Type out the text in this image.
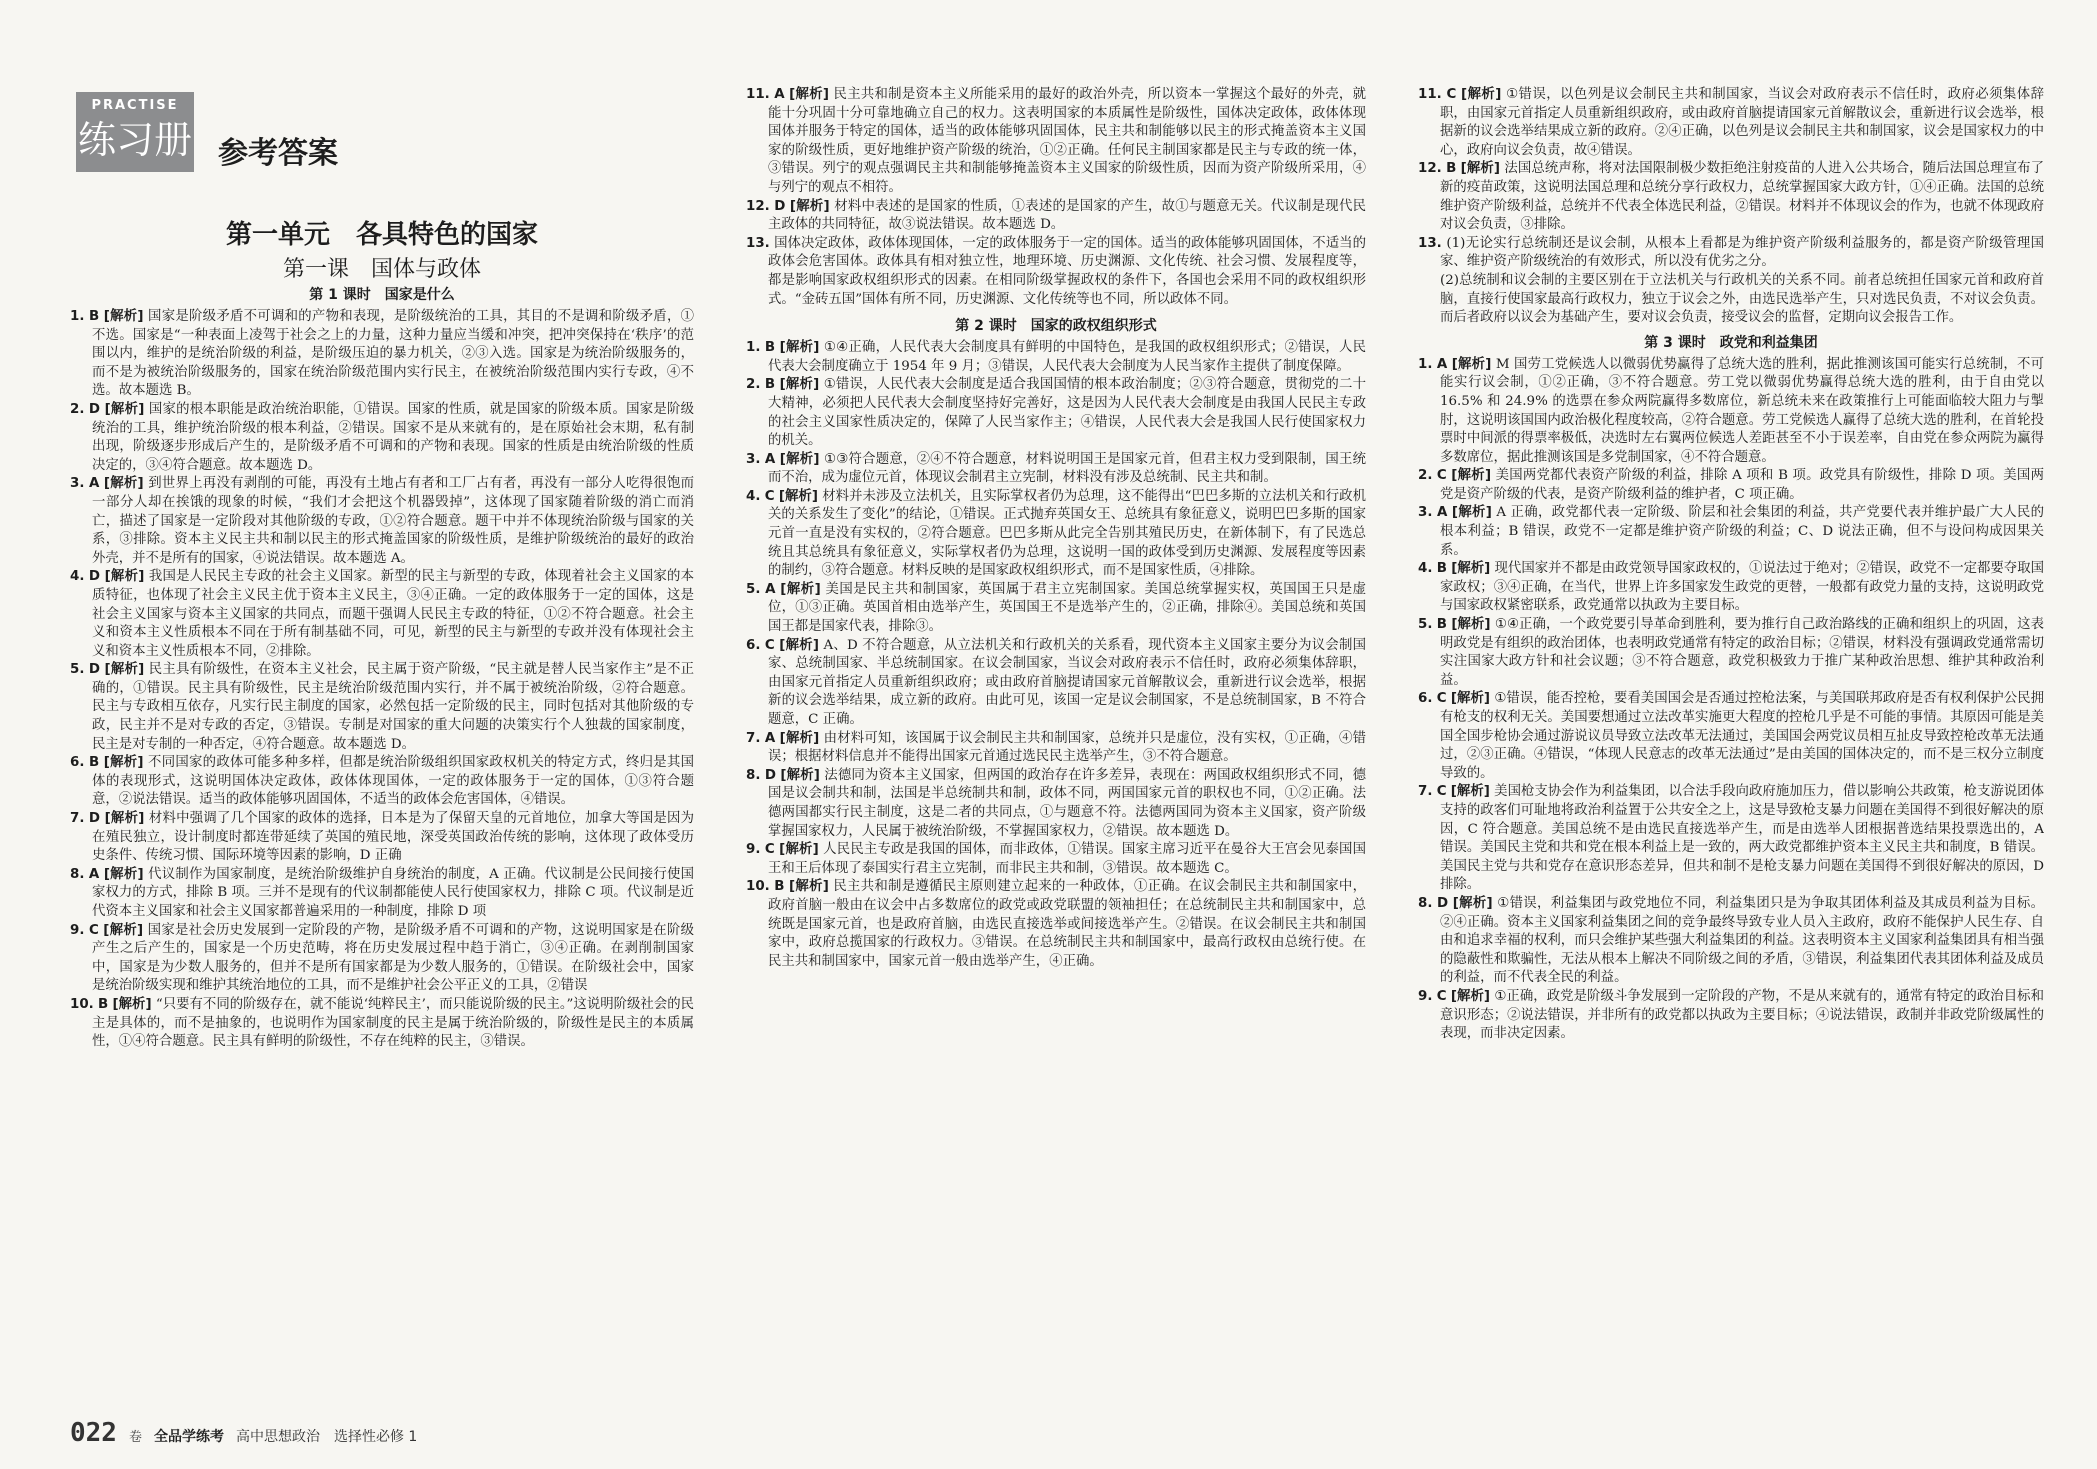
PRACTISE
练习册 参考答案
第一单元　各具特色的国家
第一课　国体与政体
第 1 课时　国家是什么

1. B [解析] 国家是阶级矛盾不可调和的产物和表现，是阶级统治的工具，其目的不是调和阶级矛盾，①不选。国家是“一种表面上凌驾于社会之上的力量，这种力量应当缓和冲突，把冲突保持在‘秩序’的范围以内，维护的是统治阶级的利益，是阶级压迫的暴力机关，②③入选。国家是为统治阶级服务的，而不是为被统治阶级服务的，国家在统治阶级范围内实行民主，在被统治阶级范围内实行专政，④不选。故本题选 B。

2. D [解析] 国家的根本职能是政治统治职能，①错误。国家的性质，就是国家的阶级本质。国家是阶级统治的工具，维护统治阶级的根本利益，②错误。国家不是从来就有的，是在原始社会末期，私有制出现，阶级逐步形成后产生的，是阶级矛盾不可调和的产物和表现。国家的性质是由统治阶级的性质决定的，③④符合题意。故本题选 D。

3. A [解析] 到世界上再没有剥削的可能，再没有土地占有者和工厂占有者，再没有一部分人吃得很饱而一部分人却在挨饿的现象的时候，“我们才会把这个机器毁掉”，这体现了国家随着阶级的消亡而消亡，描述了国家是一定阶段对其他阶级的专政，①②符合题意。题干中并不体现统治阶级与国家的关系，③排除。资本主义民主共和制以民主的形式掩盖国家的阶级性质，是维护阶级统治的最好的政治外壳，并不是所有的国家，④说法错误。故本题选 A。

4. D [解析] 我国是人民民主专政的社会主义国家。新型的民主与新型的专政，体现着社会主义国家的本质特征，也体现了社会主义民主优于资本主义民主，③④正确。一定的政体服务于一定的国体，这是社会主义国家与资本主义国家的共同点，而题干强调人民民主专政的特征，①②不符合题意。社会主义和资本主义性质根本不同在于所有制基础不同，可见，新型的民主与新型的专政并没有体现社会主义和资本主义性质根本不同，②排除。

5. D [解析] 民主具有阶级性，在资本主义社会，民主属于资产阶级，“民主就是替人民当家作主”是不正确的，①错误。民主具有阶级性，民主是统治阶级范围内实行，并不属于被统治阶级，②符合题意。民主与专政相互依存，凡实行民主制度的国家，必然包括一定阶级的民主，同时包括对其他阶级的专政，民主并不是对专政的否定，③错误。专制是对国家的重大问题的决策实行个人独裁的国家制度，民主是对专制的一种否定，④符合题意。故本题选 D。

6. B [解析] 不同国家的政体可能多种多样，但都是统治阶级组织国家政权机关的特定方式，终归是其国体的表现形式，这说明国体决定政体，政体体现国体，一定的政体服务于一定的国体，①③符合题意，②说法错误。适当的政体能够巩固国体，不适当的政体会危害国体，④错误。

7. D [解析] 材料中强调了几个国家的政体的选择，日本是为了保留天皇的元首地位，加拿大等国是因为在殖民独立，设计制度时都连带延续了英国的殖民地，深受英国政治传统的影响，这体现了政体受历史条件、传统习惯、国际环境等因素的影响，D 正确

8. A [解析] 代议制作为国家制度，是统治阶级维护自身统治的制度，A 正确。代议制是公民间接行使国家权力的方式，排除 B 项。三并不是现有的代议制都能使人民行使国家权力，排除 C 项。代议制是近代资本主义国家和社会主义国家都普遍采用的一种制度，排除 D 项

9. C [解析] 国家是社会历史发展到一定阶段的产物，是阶级矛盾不可调和的产物，这说明国家是在阶级产生之后产生的，国家是一个历史范畴，将在历史发展过程中趋于消亡，③④正确。在剥削制国家中，国家是为少数人服务的，但并不是所有国家都是为少数人服务的，①错误。在阶级社会中，国家是统治阶级实现和维护其统治地位的工具，而不是维护社会公平正义的工具，②错误

10. B [解析] “只要有不同的阶级存在，就不能说‘纯粹民主’，而只能说阶级的民主。”这说明阶级社会的民主是具体的，而不是抽象的，也说明作为国家制度的民主是属于统治阶级的，阶级性是民主的本质属性，①④符合题意。民主具有鲜明的阶级性，不存在纯粹的民主，③错误。

11. A [解析] 民主共和制是资本主义所能采用的最好的政治外壳，所以资本一掌握这个最好的外壳，就能十分巩固十分可靠地确立自己的权力。这表明国家的本质属性是阶级性，国体决定政体，政体体现国体并服务于特定的国体，适当的政体能够巩固国体，民主共和制能够以民主的形式掩盖资本主义国家的阶级性质，更好地维护资产阶级的统治，①②正确。任何民主制国家都是民主与专政的统一体，③错误。列宁的观点强调民主共和制能够掩盖资本主义国家的阶级性质，因而为资产阶级所采用，④与列宁的观点不相符。

12. D [解析] 材料中表述的是国家的性质，①表述的是国家的产生，故①与题意无关。代议制是现代民主政体的共同特征，故③说法错误。故本题选 D。

13. 国体决定政体，政体体现国体，一定的政体服务于一定的国体。适当的政体能够巩固国体，不适当的政体会危害国体。政体具有相对独立性，地理环境、历史渊源、文化传统、社会习惯、发展程度等，都是影响国家政权组织形式的因素。在相同阶级掌握政权的条件下，各国也会采用不同的政权组织形式。“金砖五国”国体有所不同，历史渊源、文化传统等也不同，所以政体不同。

第 2 课时　国家的政权组织形式

1. B [解析] ①④正确，人民代表大会制度具有鲜明的中国特色，是我国的政权组织形式；②错误，人民代表大会制度确立于 1954 年 9 月；③错误，人民代表大会制度为人民当家作主提供了制度保障。

2. B [解析] ①错误，人民代表大会制度是适合我国国情的根本政治制度；②③符合题意，贯彻党的二十大精神，必须把人民代表大会制度坚持好完善好，这是因为人民代表大会制度是由我国人民民主专政的社会主义国家性质决定的，保障了人民当家作主；④错误，人民代表大会是我国人民行使国家权力的机关。

3. A [解析] ①③符合题意，②④不符合题意，材料说明国王是国家元首，但君主权力受到限制，国王统而不治，成为虚位元首，体现议会制君主立宪制，材料没有涉及总统制、民主共和制。

4. C [解析] 材料并未涉及立法机关，且实际掌权者仍为总理，这不能得出“巴巴多斯的立法机关和行政机关的关系发生了变化”的结论，①错误。正式抛弃英国女王、总统具有象征意义，说明巴巴多斯的国家元首一直是没有实权的，②符合题意。巴巴多斯从此完全告别其殖民历史，在新体制下，有了民选总统且其总统具有象征意义，实际掌权者仍为总理，这说明一国的政体受到历史渊源、发展程度等因素的制约，③符合题意。材料反映的是国家政权组织形式，而不是国家性质，④排除。

5. A [解析] 美国是民主共和制国家，英国属于君主立宪制国家。美国总统掌握实权，英国国王只是虚位，①③正确。英国首相由选举产生，英国国王不是选举产生的，②正确，排除④。美国总统和英国国王都是国家代表，排除③。

6. C [解析] A、D 不符合题意，从立法机关和行政机关的关系看，现代资本主义国家主要分为议会制国家、总统制国家、半总统制国家。在议会制国家，当议会对政府表示不信任时，政府必须集体辞职，由国家元首指定人员重新组织政府；或由政府首脑提请国家元首解散议会，重新进行议会选举，根据新的议会选举结果，成立新的政府。由此可见，该国一定是议会制国家，不是总统制国家，B 不符合题意，C 正确。

7. A [解析] 由材料可知，该国属于议会制民主共和制国家，总统并只是虚位，没有实权，①正确，④错误；根据材料信息并不能得出国家元首通过选民民主选举产生，③不符合题意。

8. D [解析] 法德同为资本主义国家，但两国的政治存在许多差异，表现在：两国政权组织形式不同，德国是议会制共和制，法国是半总统制共和制，政体不同，两国国家元首的职权也不同，①②正确。法德两国都实行民主制度，这是二者的共同点，①与题意不符。法德两国同为资本主义国家，资产阶级掌握国家权力，人民属于被统治阶级，不掌握国家权力，②错误。故本题选 D。

9. C [解析] 人民民主专政是我国的国体，而非政体，①错误。国家主席习近平在曼谷大王宫会见泰国国王和王后体现了泰国实行君主立宪制，而非民主共和制，③错误。故本题选 C。

10. B [解析] 民主共和制是遵循民主原则建立起来的一种政体，①正确。在议会制民主共和制国家中，政府首脑一般由在议会中占多数席位的政党或政党联盟的领袖担任；在总统制民主共和制国家中，总统既是国家元首，也是政府首脑，由选民直接选举或间接选举产生。②错误。在议会制民主共和制国家中，政府总揽国家的行政权力。③错误。在总统制民主共和制国家中，最高行政权由总统行使。在民主共和制国家中，国家元首一般由选举产生，④正确。

11. C [解析] ①错误，以色列是议会制民主共和制国家，当议会对政府表示不信任时，政府必须集体辞职，由国家元首指定人员重新组织政府，或由政府首脑提请国家元首解散议会，重新进行议会选举，根据新的议会选举结果成立新的政府。②④正确，以色列是议会制民主共和制国家，议会是国家权力的中心，政府向议会负责，故④错误。

12. B [解析] 法国总统声称，将对法国限制极少数拒绝注射疫苗的人进入公共场合，随后法国总理宣布了新的疫苗政策，这说明法国总理和总统分享行政权力，总统掌握国家大政方针，①④正确。法国的总统维护资产阶级利益，总统并不代表全体选民利益，②错误。材料并不体现议会的作为，也就不体现政府对议会负责，③排除。

13. (1)无论实行总统制还是议会制，从根本上看都是为维护资产阶级利益服务的，都是资产阶级管理国家、维护资产阶级统治的有效形式，所以没有优劣之分。

(2)总统制和议会制的主要区别在于立法机关与行政机关的关系不同。前者总统担任国家元首和政府首脑，直接行使国家最高行政权力，独立于议会之外，由选民选举产生，只对选民负责，不对议会负责。而后者政府以议会为基础产生，要对议会负责，接受议会的监督，定期向议会报告工作。

第 3 课时　政党和利益集团

1. A [解析] M 国劳工党候选人以微弱优势赢得了总统大选的胜利，据此推测该国可能实行总统制，不可能实行议会制，①②正确，③不符合题意。劳工党以微弱优势赢得总统大选的胜利，由于自由党以 16.5% 和 24.9% 的选票在参众两院赢得多数席位，新总统未来在政策推行上可能面临较大阻力与掣肘，这说明该国国内政治极化程度较高，②符合题意。劳工党候选人赢得了总统大选的胜利，在首轮投票时中间派的得票率极低，决选时左右翼两位候选人差距甚至不小于误差率，自由党在参众两院为赢得多数席位，据此推测该国是多党制国家，④不符合题意。

2. C [解析] 美国两党都代表资产阶级的利益，排除 A 项和 B 项。政党具有阶级性，排除 D 项。美国两党是资产阶级的代表，是资产阶级利益的维护者，C 项正确。

3. A [解析] A 正确，政党都代表一定阶级、阶层和社会集团的利益，共产党要代表并维护最广大人民的根本利益；B 错误，政党不一定都是维护资产阶级的利益；C、D 说法正确，但不与设问构成因果关系。

4. B [解析] 现代国家并不都是由政党领导国家政权的，①说法过于绝对；②错误，政党不一定都要夺取国家政权；③④正确，在当代，世界上许多国家发生政党的更替，一般都有政党力量的支持，这说明政党与国家政权紧密联系，政党通常以执政为主要目标。

5. B [解析] ①④正确，一个政党要引导革命到胜利，要为推行自己政治路线的正确和组织上的巩固，这表明政党是有组织的政治团体，也表明政党通常有特定的政治目标；②错误，材料没有强调政党通常需切实注国家大政方针和社会议题；③不符合题意，政党积极致力于推广某种政治思想、维护其种政治利益。

6. C [解析] ①错误，能否控枪，要看美国国会是否通过控枪法案，与美国联邦政府是否有权利保护公民拥有枪支的权利无关。美国要想通过立法改革实施更大程度的控枪几乎是不可能的事情。其原因可能是美国全国步枪协会通过游说议员导致立法改革无法通过，美国国会两党议员相互扯皮导致控枪改革无法通过，②③正确。④错误，“体现人民意志的改革无法通过”是由美国的国体决定的，而不是三权分立制度导致的。

7. C [解析] 美国枪支协会作为利益集团，以合法手段向政府施加压力，借以影响公共政策，枪支游说团体支持的政客们可耻地将政治利益置于公共安全之上，这是导致枪支暴力问题在美国得不到很好解决的原因，C 符合题意。美国总统不是由选民直接选举产生，而是由选举人团根据普选结果投票选出的，A 错误。美国民主党和共和党在根本利益上是一致的，两大政党都维护资本主义民主共和制度，B 错误。美国民主党与共和党存在意识形态差异，但共和制不是枪支暴力问题在美国得不到很好解决的原因，D 排除。

8. D [解析] ①错误，利益集团与政党地位不同，利益集团只是为争取其团体利益及其成员利益为目标。②④正确。资本主义国家利益集团之间的竞争最终导致专业人员入主政府，政府不能保护人民生存、自由和追求幸福的权利，而只会维护某些强大利益集团的利益。这表明资本主义国家利益集团具有相当强的隐蔽性和欺骗性，无法从根本上解决不同阶级之间的矛盾，③错误，利益集团代表其团体利益及成员的利益，而不代表全民的利益。

9. C [解析] ①正确，政党是阶级斗争发展到一定阶段的产物，不是从来就有的，通常有特定的政治目标和意识形态；②说法错误，并非所有的政党都以执政为主要目标；④说法错误，政制并非政党阶级属性的表现，而非决定因素。

022 卷 全品学练考 高中思想政治　选择性必修 1
